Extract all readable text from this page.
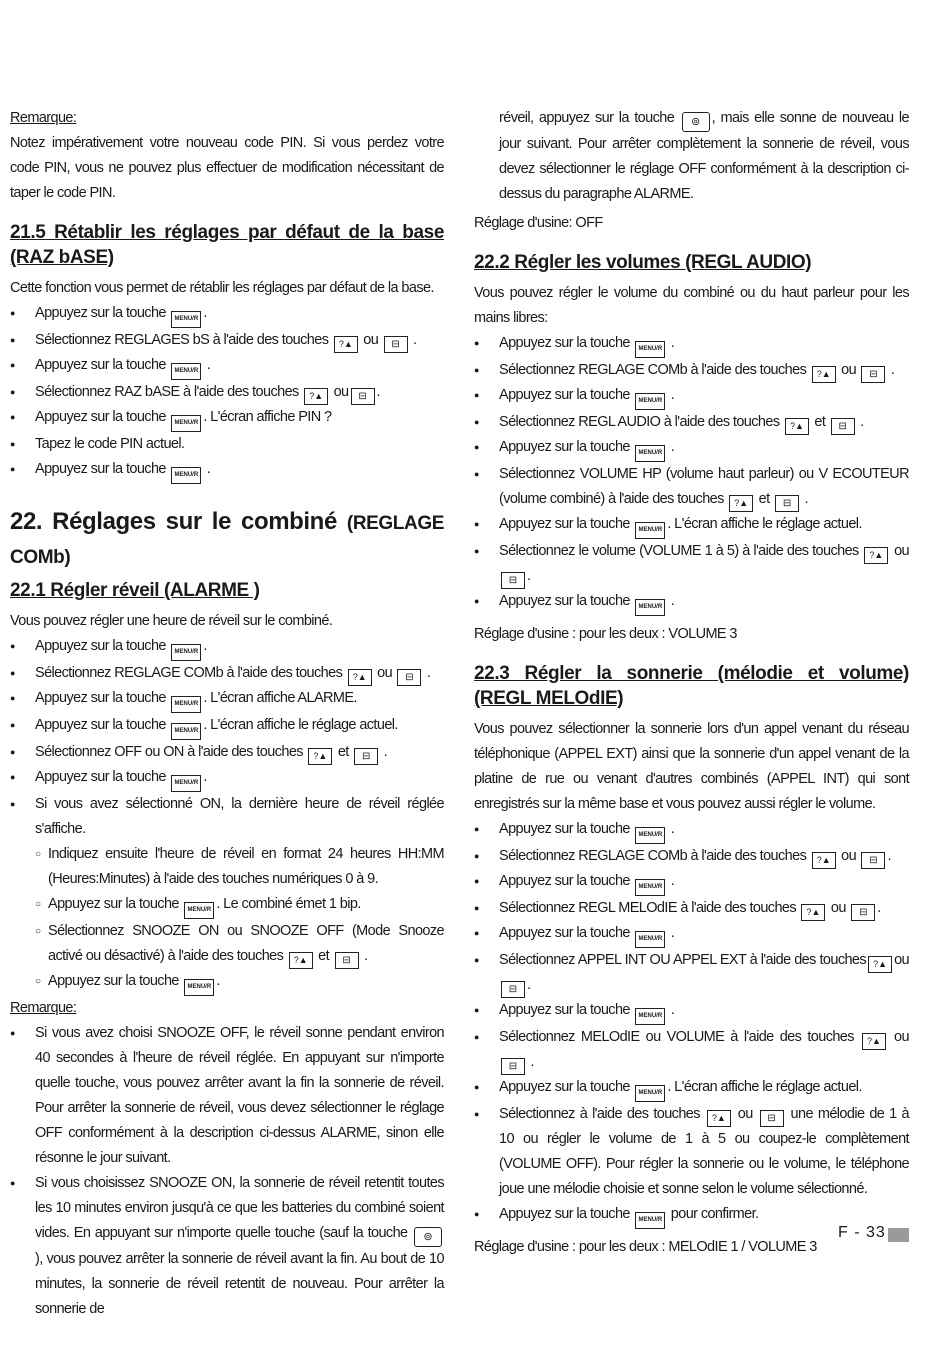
Remarque:
Notez impérativement votre nouveau code PIN. Si vous perdez votre code PIN, vous ne pouvez plus effectuer de modification nécessitant de taper le code PIN.
21.5 Rétablir les réglages par défaut de la base (RAZ bASE)
Cette fonction vous permet de rétablir les réglages par défaut de la base.
● Appuyez sur la touche MENU/R .
● Sélectionnez REGLAGES bS à l'aide des touches ?▲ ou ⊟ .
● Appuyez sur la touche MENU/R .
● Sélectionnez RAZ bASE à l'aide des touches ?▲ ou ⊟ .
● Appuyez sur la touche MENU/R . L'écran affiche PIN ?
● Tapez le code PIN actuel.
● Appuyez sur la touche MENU/R .
22. Réglages sur le combiné (REGLAGE COMb)
22.1 Régler réveil (ALARME )
Vous pouvez régler une heure de réveil sur le combiné.
● Appuyez sur la touche MENU/R .
● Sélectionnez REGLAGE COMb à l'aide des touches ?▲ ou ⊟ .
● Appuyez sur la touche MENU/R . L'écran affiche ALARME.
● Appuyez sur la touche MENU/R . L'écran affiche le réglage actuel.
● Sélectionnez OFF ou ON à l'aide des touches ?▲ et ⊟ .
● Appuyez sur la touche MENU/R .
● Si vous avez sélectionné ON, la dernière heure de réveil réglée s'affiche.
○ Indiquez ensuite l'heure de réveil en format 24 heures HH:MM (Heures:Minutes) à l'aide des touches numériques 0 à 9.
○ Appuyez sur la touche MENU/R . Le combiné émet 1 bip.
○ Sélectionnez SNOOZE ON ou SNOOZE OFF (Mode Snooze activé ou désactivé) à l'aide des touches ?▲ et ⊟ .
○ Appuyez sur la touche MENU/R .
Remarque:
● Si vous avez choisi SNOOZE OFF, le réveil sonne pendant environ 40 secondes à l'heure de réveil réglée. En appuyant sur n'importe quelle touche, vous pouvez arrêter avant la fin la sonnerie de réveil. Pour arrêter la sonnerie de réveil, vous devez sélectionner le réglage OFF conformément à la description ci-dessus ALARME, sinon elle résonne le jour suivant.
● Si vous choisissez SNOOZE ON, la sonnerie de réveil retentit toutes les 10 minutes environ jusqu'à ce que les batteries du combiné soient vides. En appuyant sur n'importe quelle touche (sauf la touche ⊚ ), vous pouvez arrêter la sonnerie de réveil avant la fin. Au bout de 10 minutes, la sonnerie de réveil retentit de nouveau. Pour arrêter la sonnerie de
réveil, appuyez sur la touche ⊚ , mais elle sonne de nouveau le jour suivant. Pour arrêter complètement la sonnerie de réveil, vous devez sélectionner le réglage OFF conformément à la description ci-dessus du paragraphe ALARME.
Réglage d'usine: OFF
22.2 Régler les volumes (REGL AUDIO)
Vous pouvez régler le volume du combiné ou du haut parleur pour les mains libres:
● Appuyez sur la touche MENU/R .
● Sélectionnez REGLAGE COMb à l'aide des touches ?▲ ou ⊟ .
● Appuyez sur la touche MENU/R .
● Sélectionnez REGL AUDIO à l'aide des touches ?▲ et ⊟ .
● Appuyez sur la touche MENU/R .
● Sélectionnez VOLUME HP (volume haut parleur) ou V ECOUTEUR (volume combiné) à l'aide des touches ?▲ et ⊟ .
● Appuyez sur la touche MENU/R . L'écran affiche le réglage actuel.
● Sélectionnez le volume (VOLUME 1 à 5) à l'aide des touches ?▲ ou ⊟ .
● Appuyez sur la touche MENU/R .
Réglage d'usine : pour les deux : VOLUME 3
22.3 Régler la sonnerie (mélodie et volume) (REGL MELOdIE)
Vous pouvez sélectionner la sonnerie lors d'un appel venant du réseau téléphonique (APPEL EXT) ainsi que la sonnerie d'un appel venant de la platine de rue ou venant d'autres combinés (APPEL INT) qui sont enregistrés sur la même base et vous pouvez aussi régler le volume.
● Appuyez sur la touche MENU/R .
● Sélectionnez REGLAGE COMb à l'aide des touches ?▲ ou ⊟ .
● Appuyez sur la touche MENU/R .
● Sélectionnez REGL MELOdIE à l'aide des touches ?▲ ou ⊟ .
● Appuyez sur la touche MENU/R .
● Sélectionnez APPEL INT OU APPEL EXT à l'aide des touches ?▲ ou⊟ .
● Appuyez sur la touche MENU/R .
● Sélectionnez MELOdIE ou VOLUME à l'aide des touches ?▲ ou ⊟ .
● Appuyez sur la touche MENU/R . L'écran affiche le réglage actuel.
● Sélectionnez à l'aide des touches ?▲ ou ⊟ une mélodie de 1 à 10 ou régler le volume de 1 à 5 ou coupez-le complètement (VOLUME OFF). Pour régler la sonnerie ou le volume, le téléphone joue une mélodie choisie et sonne selon le volume sélectionné.
● Appuyez sur la touche MENU/R pour confirmer.
Réglage d'usine : pour les deux : MELOdIE 1 / VOLUME 3
F - 33
